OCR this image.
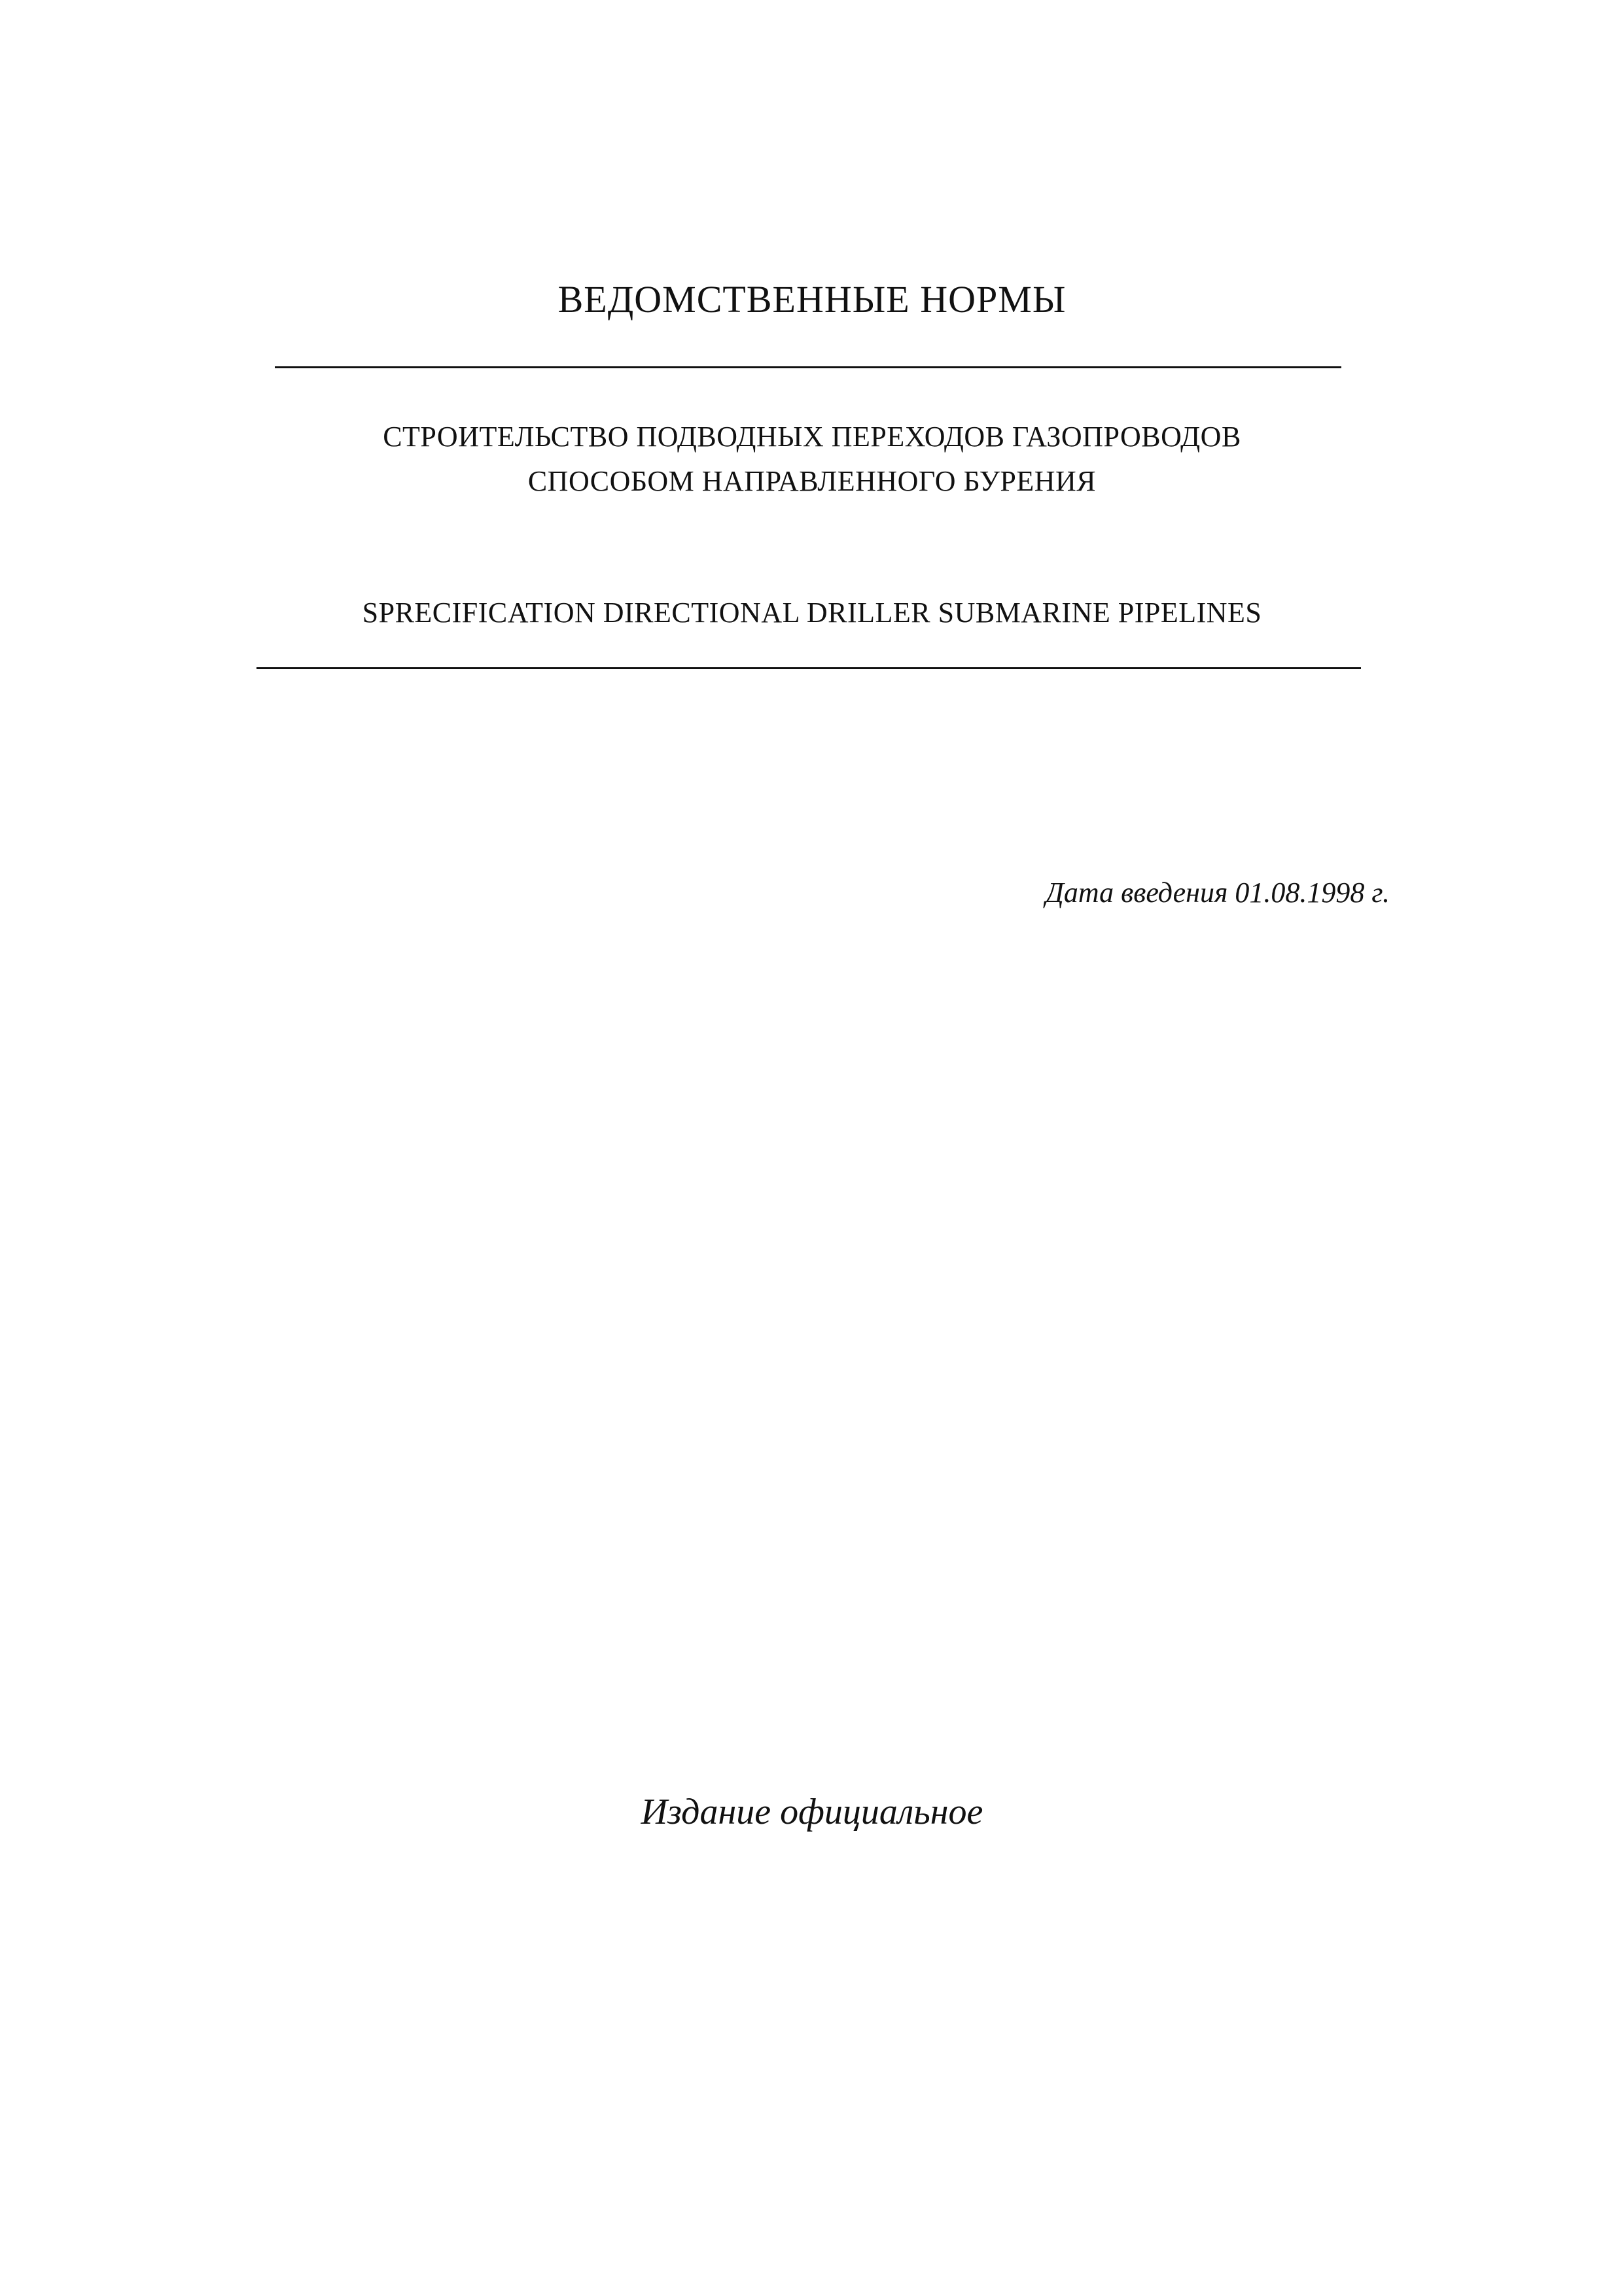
ВЕДОМСТВЕННЫЕ НОРМЫ
СТРОИТЕЛЬСТВО ПОДВОДНЫХ ПЕРЕХОДОВ ГАЗОПРОВОДОВ
СПОСОБОМ НАПРАВЛЕННОГО БУРЕНИЯ
SPRECIFICATION DIRECTIONAL DRILLER SUBMARINE PIPELINES
Дата введения 01.08.1998 г.
Издание официальное
